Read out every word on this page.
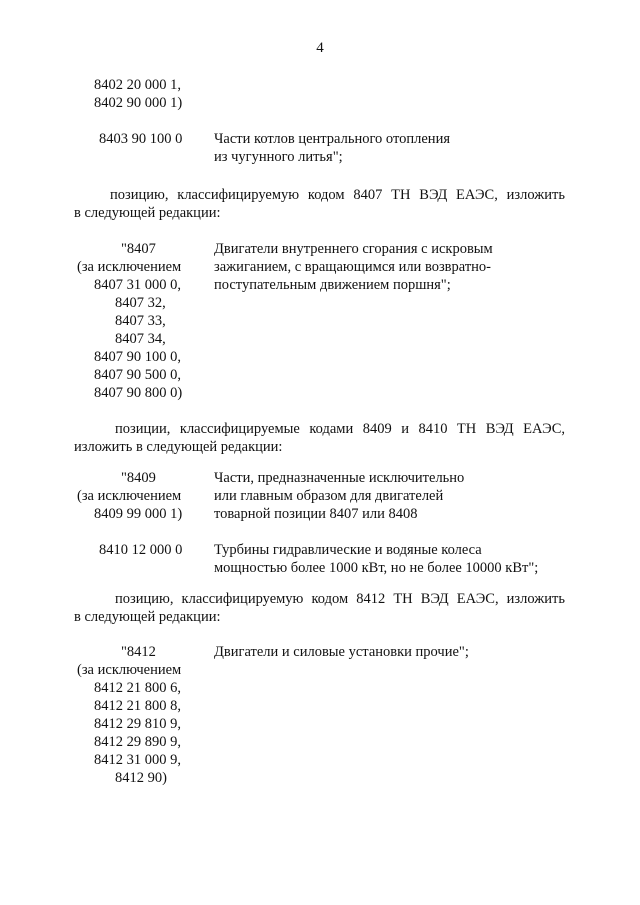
4
8402 20 000 1,
8402 90 000 1)
8403 90 100 0 Части котлов центрального отопления
из чугунного литья";
позицию, классифицируемую кодом 8407 ТН ВЭД ЕАЭС, изложить
в следующей редакции:
"8407
(за исключением
8407 31 000 0,
8407 32,
8407 33,
8407 34,
8407 90 100 0,
8407 90 500 0,
8407 90 800 0)
Двигатели внутреннего сгорания с искровым
зажиганием, с вращающимся или возвратно-
поступательным движением поршня";
позиции, классифицируемые кодами 8409 и 8410 ТН ВЭД ЕАЭС,
изложить в следующей редакции:
"8409
(за исключением
8409 99 000 1)
Части, предназначенные исключительно
или главным образом для двигателей
товарной позиции 8407 или 8408
8410 12 000 0 Турбины гидравлические и водяные колеса
мощностью более 1000 кВт, но не более 10000 кВт";
позицию, классифицируемую кодом 8412 ТН ВЭД ЕАЭС, изложить
в следующей редакции:
"8412
(за исключением
8412 21 800 6,
8412 21 800 8,
8412 29 810 9,
8412 29 890 9,
8412 31 000 9,
8412 90)
Двигатели и силовые установки прочие";
